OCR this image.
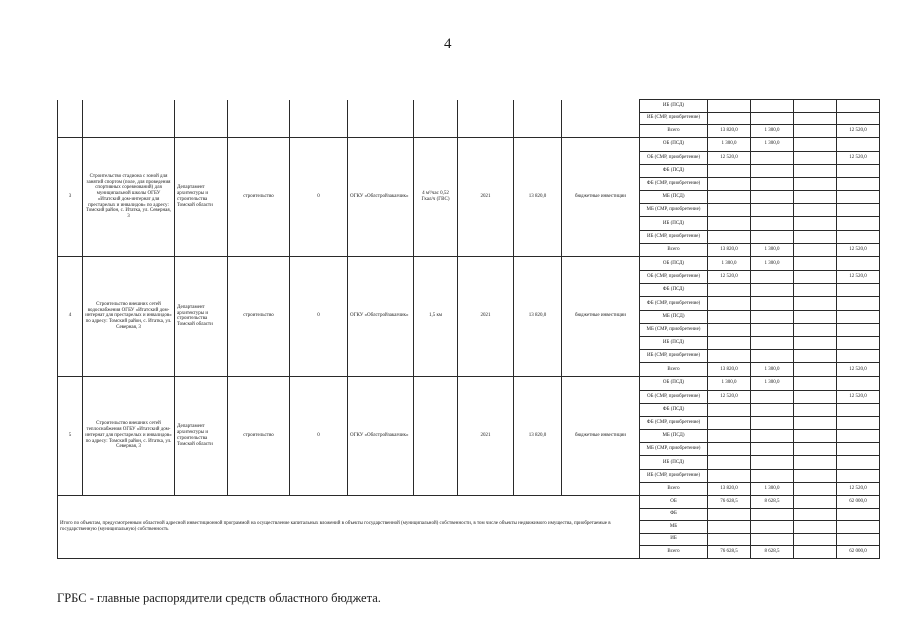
4
										ИБ (ПСД)				
										ИБ (СМР, приобретение)				
										Всего	13 820,0	1 300,0		12 520,0
3	Строительство стадиона с зоной для занятий спортом (поле, для проведения спортивных соревнований) для муниципальной школы ОГБУ «Итатский дом-интернат для престарелых и инвалидов» по адресу: Томский район, с. Итатка, ул. Северная, 3	Департамент архитектуры и строительства Томской области	строительство	0	ОГКУ «Облстройзаказчик»	4 м³/час 0,52 Гкал/ч (ГВС)	2021	13 820,0	бюджетные инвестиции	ОБ (ПСД)	1 300,0	1 300,0		
										ОБ (СМР, приобретение)	12 520,0			12 520,0
										ФБ (ПСД)				
										ФБ (СМР, приобретение)				
										МБ (ПСД)				
										МБ (СМР, приобретение)				
										ИБ (ПСД)				
										ИБ (СМР, приобретение)				
										Всего	13 820,0	1 300,0		12 520,0
4	Строительство внешних сетей водоснабжения ОГБУ «Итатский дом-интернат для престарелых и инвалидов» по адресу: Томский район, с. Итатка, ул. Северная, 3	Департамент архитектуры и строительства Томской области	строительство	0	ОГКУ «Облстройзаказчик»	1,5 км	2021	13 820,0	бюджетные инвестиции	ОБ (ПСД)	1 300,0	1 300,0		
										ОБ (СМР, приобретение)	12 520,0			12 520,0
										ФБ (ПСД)				
										ФБ (СМР, приобретение)				
										МБ (ПСД)				
										МБ (СМР, приобретение)				
										ИБ (ПСД)				
										ИБ (СМР, приобретение)				
										Всего	13 820,0	1 300,0		12 520,0
5	Строительство внешних сетей теплоснабжения ОГБУ «Итатский дом-интернат для престарелых и инвалидов» по адресу: Томский район, с. Итатка, ул. Северная, 3	Департамент архитектуры и строительства Томской области	строительство	0	ОГКУ «Облстройзаказчик»		2021	13 820,0	бюджетные инвестиции	ОБ (ПСД)	1 300,0	1 300,0		
										ОБ (СМР, приобретение)	12 520,0			12 520,0
										ФБ (ПСД)				
										ФБ (СМР, приобретение)				
										МБ (ПСД)				
										МБ (СМР, приобретение)				
										ИБ (ПСД)				
										ИБ (СМР, приобретение)				
										Всего	13 820,0	1 300,0		12 520,0
Итого по объектам, предусмотренным областной адресной инвестиционной программой на осуществление капитальных вложений в объекты государственной (муниципальной) собственности, в том числе объекты недвижимого имущества, приобретаемые в государственную (муниципальную) собственность										ОБ	76 628,5	8 628,5		62 000,0
										ФБ				
										МБ				
										ИБ				
										Всего	76 628,5	8 628,5		62 000,0
ГРБС - главные распорядители средств областного бюджета.
